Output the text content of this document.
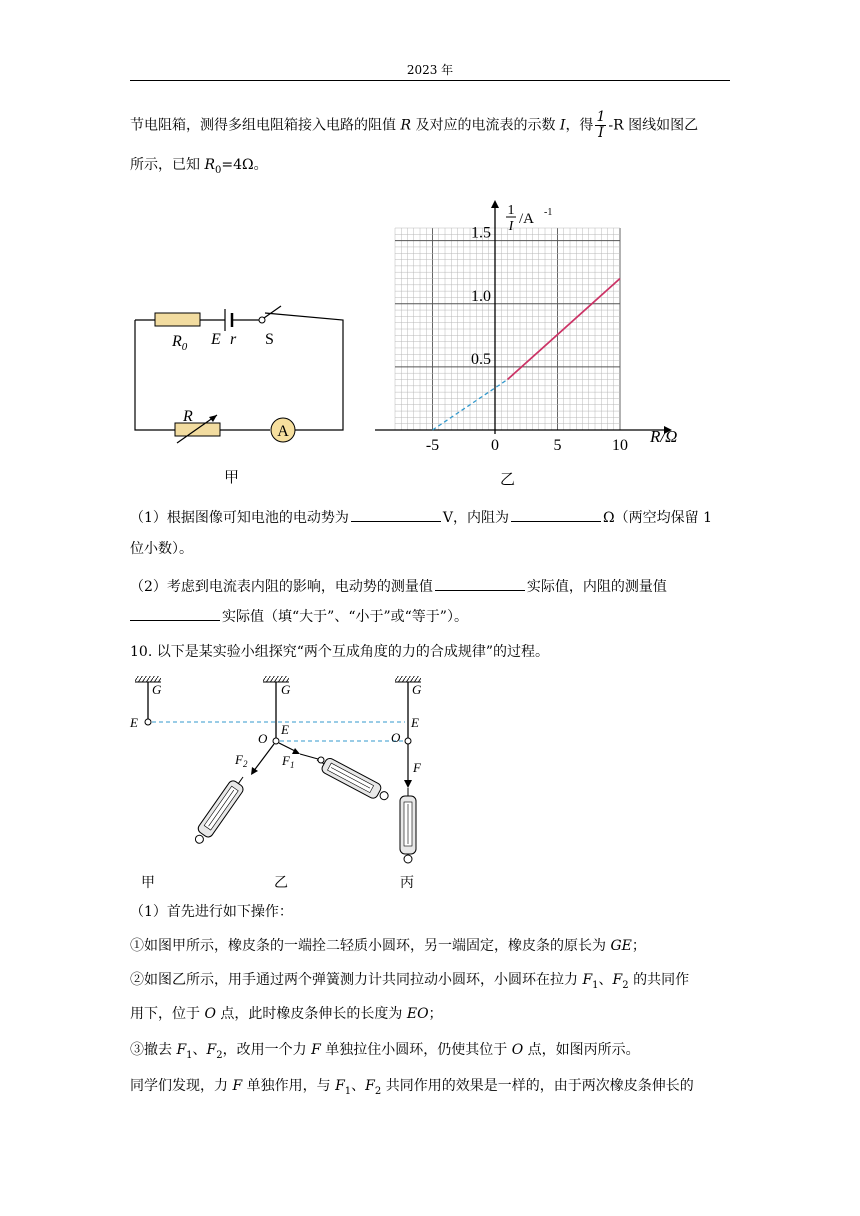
2023 年
节电阻箱，测得多组电阻箱接入电路的阻值 R 及对应的电流表的示数 I，得 $\frac{1}{I} -R$ 图线如图乙
所示，已知 $R_0=4\Omega$。
A
$R_0$ E r S
R
甲
-5	0	5	10
0.5
1.0
1.5
R/Ω
1
I /A -1
乙
（1）根据图像可知电池的电动势为	V，内阻为	Ω（两空均保留 1
位小数）。
（2）考虑到电流表内阻的影响，电动势的测量值	实际值，内阻的测量值
实际值（填“大于”、“小于”或“等于”）。
10. 以下是某实验小组探究“两个互成角度的力的合成规律”的过程。
G	G	G
E	E	E
O	O
$F_2$	$F_1$	F
甲	乙	丙
（1）首先进行如下操作：
①如图甲所示，橡皮条的一端拴二轻质小圆环，另一端固定，橡皮条的原长为 GE；
②如图乙所示，用手通过两个弹簧测力计共同拉动小圆环，小圆环在拉力 $F_1$、$F_2$ 的共同作
用下，位于 O 点，此时橡皮条伸长的长度为 EO；
③撤去 $F_1$、$F_2$，改用一个力 F 单独拉住小圆环，仍使其位于 O 点，如图丙所示。
同学们发现，力 F 单独作用，与 $F_1$、$F_2$ 共同作用的效果是一样的，由于两次橡皮条伸长的
